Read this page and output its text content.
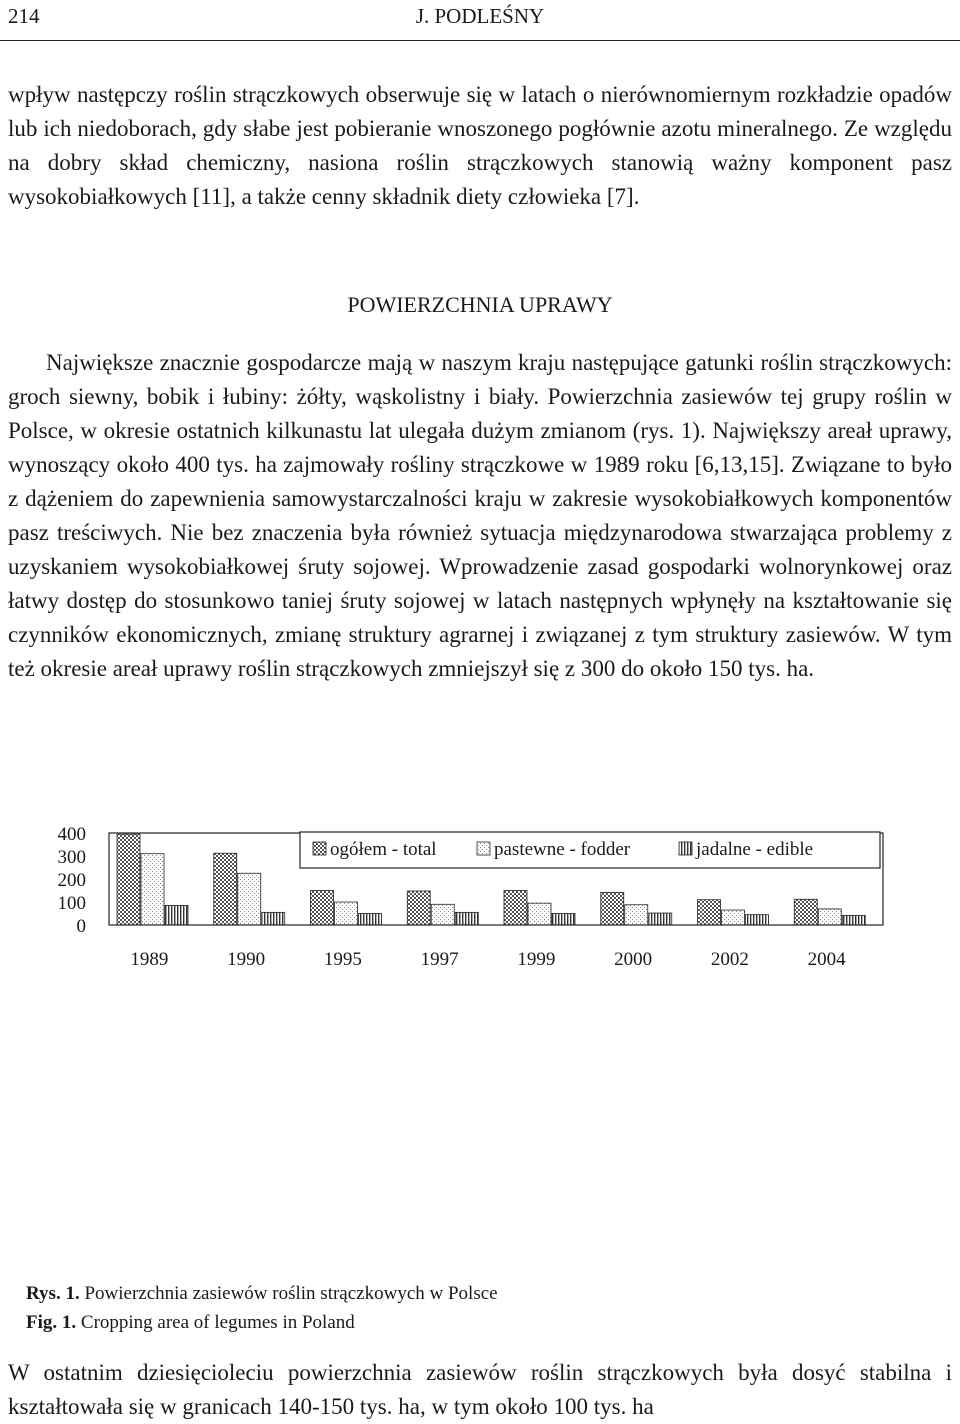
214	J. PODLEŚNY

wpływ następczy roślin strączkowych obserwuje się w latach o nierównomiernym rozkładzie opadów lub ich niedoborach, gdy słabe jest pobieranie wnoszonego pogłównie azotu mineralnego. Ze względu na dobry skład chemiczny, nasiona roślin strączkowych stanowią ważny komponent pasz wysokobiałkowych [11], a także cenny składnik diety człowieka [7].

POWIERZCHNIA UPRAWY

Największe znacznie gospodarcze mają w naszym kraju następujące gatunki roślin strączkowych: groch siewny, bobik i łubiny: żółty, wąskolistny i biały. Powierzchnia zasiewów tej grupy roślin w Polsce, w okresie ostatnich kilkunastu lat ulegała dużym zmianom (rys. 1). Największy areał uprawy, wynoszący około 400 tys. ha zajmowały rośliny strączkowe w 1989 roku [6,13,15]. Związane to było z dążeniem do zapewnienia samowystarczalności kraju w zakresie wysokobiałkowych komponentów pasz treściwych. Nie bez znaczenia była również sytuacja międzynarodowa stwarzająca problemy z uzyskaniem wysokobiałkowej śruty sojowej. Wprowadzenie zasad gospodarki wolnorynkowej oraz łatwy dostęp do stosunkowo taniej śruty sojowej w latach następnych wpłynęły na kształtowanie się czynników ekonomicznych, zmianę struktury agrarnej i związanej z tym struktury zasiewów. W tym też okresie areał uprawy roślin strączkowych zmniejszył się z 300 do około 150 tys. ha.

0
100
200
300
400
1989	1990	1995	1997	1999	2000	2002	2004
ogółem - total	pastewne - fodder	jadalne - edible

Rys. 1. Powierzchnia zasiewów roślin strączkowych w Polsce

Fig. 1. Cropping area of legumes in Poland

W ostatnim dziesięcioleciu powierzchnia zasiewów roślin strączkowych była dosyć stabilna i kształtowała się w granicach 140-150 tys. ha, w tym około 100 tys. ha
